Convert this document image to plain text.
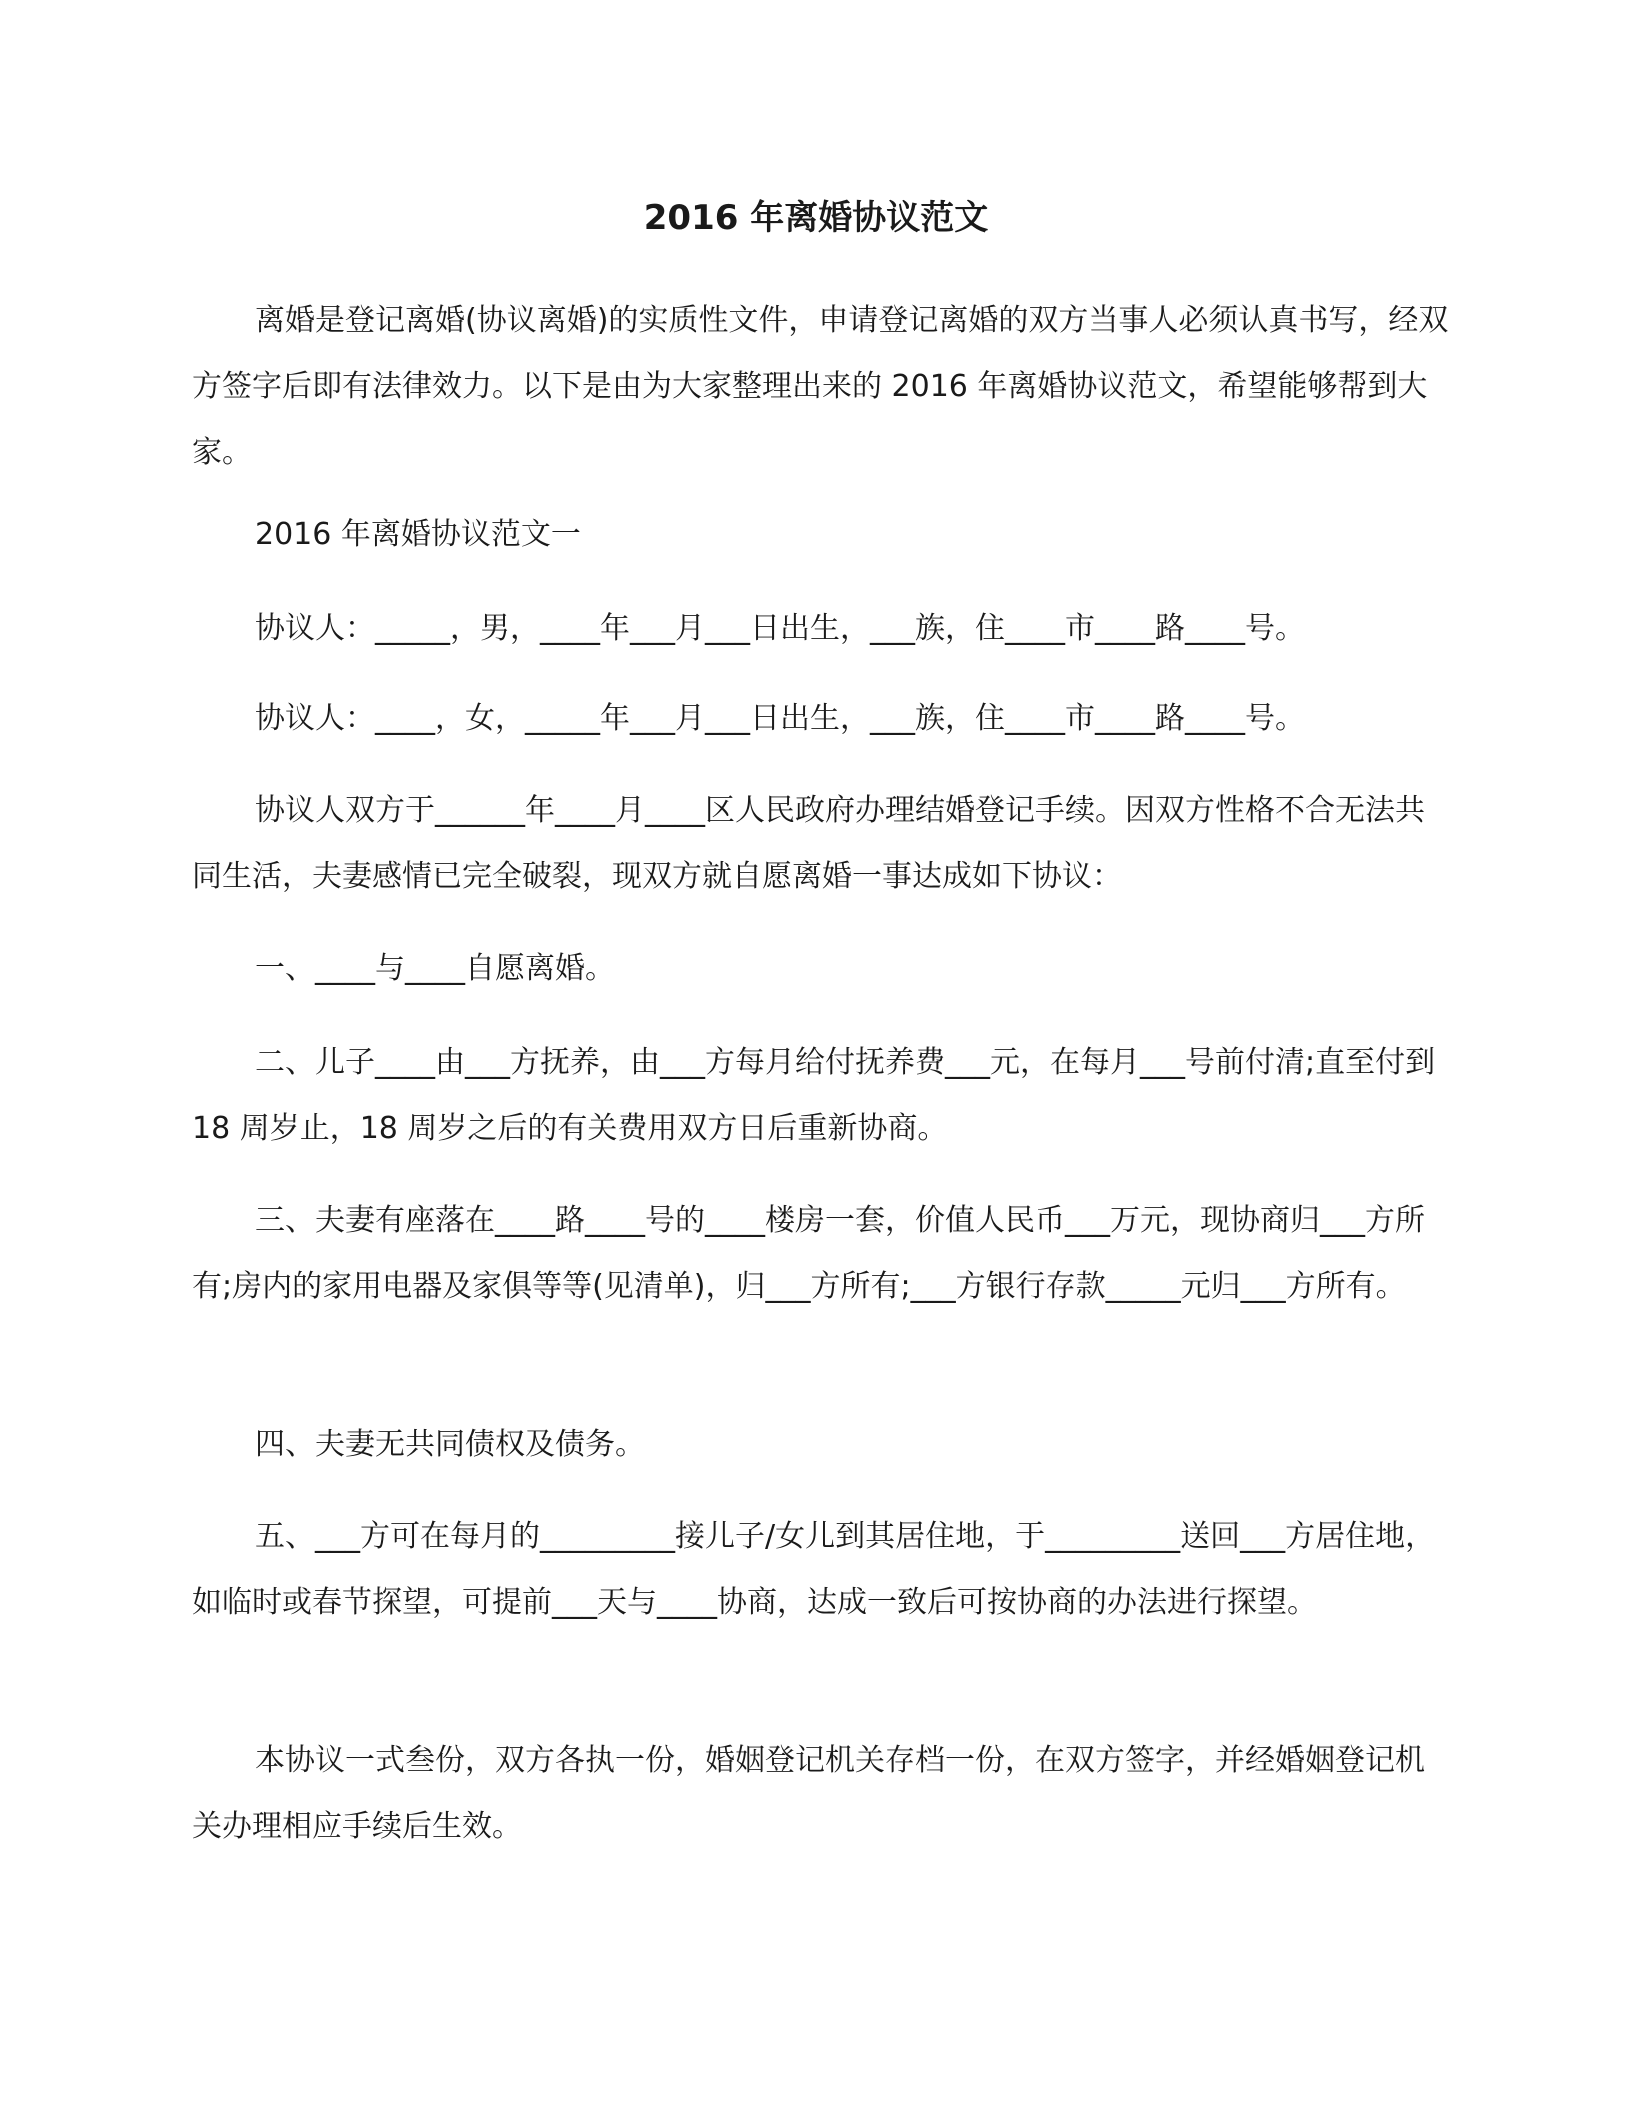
2016 年离婚协议范文
离婚是登记离婚(协议离婚)的实质性文件，申请登记离婚的双方当事人必须认真书写，经双方签字后即有法律效力。以下是由为大家整理出来的 2016 年离婚协议范文，希望能够帮到大家。
2016 年离婚协议范文一
协议人：_____，男，____年___月___日出生，___族，住____市____路____号。
协议人：____，女，_____年___月___日出生，___族，住____市____路____号。
协议人双方于______年____月____区人民政府办理结婚登记手续。因双方性格不合无法共同生活，夫妻感情已完全破裂，现双方就自愿离婚一事达成如下协议：
一、____与____自愿离婚。
二、儿子____由___方抚养，由___方每月给付抚养费___元，在每月___号前付清;直至付到 18 周岁止，18 周岁之后的有关费用双方日后重新协商。
三、夫妻有座落在____路____号的____楼房一套，价值人民币___万元，现协商归___方所有;房内的家用电器及家俱等等(见清单)，归___方所有;___方银行存款_____元归___方所有。
四、夫妻无共同债权及债务。
五、___方可在每月的_________接儿子/女儿到其居住地，于_________送回___方居住地，如临时或春节探望，可提前___天与____协商，达成一致后可按协商的办法进行探望。
本协议一式叁份，双方各执一份，婚姻登记机关存档一份，在双方签字，并经婚姻登记机关办理相应手续后生效。
